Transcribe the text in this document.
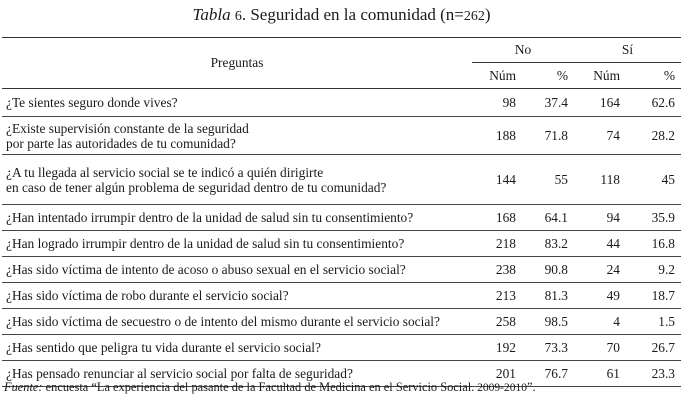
Tabla 6. Seguridad en la comunidad (n=262)
Preguntas	No		Sí	
	Núm	%	Núm	%
¿Te sientes seguro donde vives?	98	37.4	164	62.6
¿Existe supervisión constante de la seguridad
por parte las autoridades de tu comunidad?	188	71.8	74	28.2
¿A tu llegada al servicio social se te indicó a quién dirigirte
en caso de tener algún problema de seguridad dentro de tu comunidad?	144	55	118	45
¿Han intentado irrumpir dentro de la unidad de salud sin tu consentimiento?	168	64.1	94	35.9
¿Han logrado irrumpir dentro de la unidad de salud sin tu consentimiento?	218	83.2	44	16.8
¿Has sido víctima de intento de acoso o abuso sexual en el servicio social?	238	90.8	24	9.2
¿Has sido víctima de robo durante el servicio social?	213	81.3	49	18.7
¿Has sido víctima de secuestro o de intento del mismo durante el servicio social?	258	98.5	4	1.5
¿Has sentido que peligra tu vida durante el servicio social?	192	73.3	70	26.7
¿Has pensado renunciar al servicio social por falta de seguridad?	201	76.7	61	23.3
Fuente: encuesta “La experiencia del pasante de la Facultad de Medicina en el Servicio Social. 2009-2010”.
